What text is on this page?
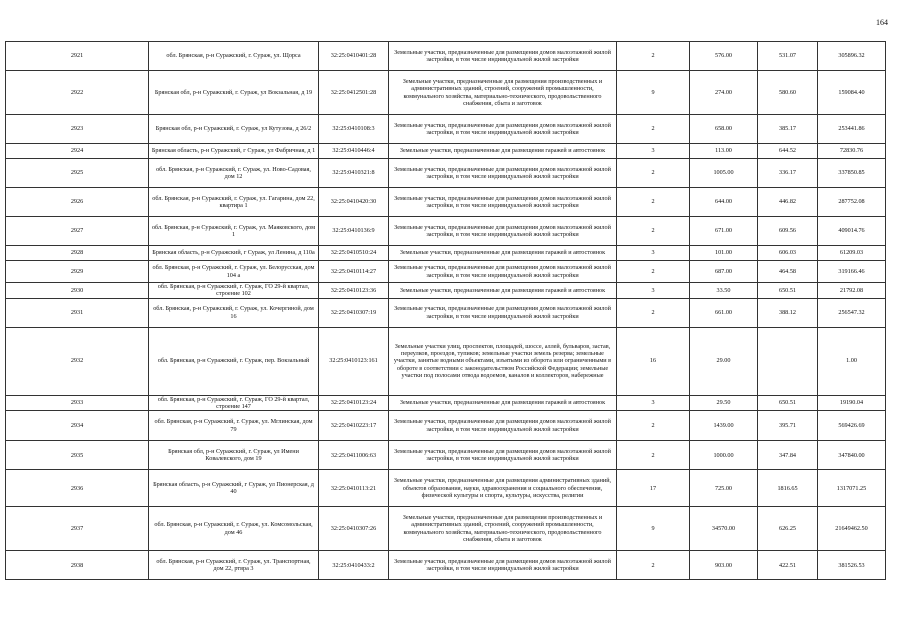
164
2921	обл. Брянская, р-н Суражский, г. Сураж, ул. Щорса	32:25:0410401:28	Земельные участки, предназначенные для размещения домов малоэтажной жилой застройки, в том числе индивидуальной жилой застройки	2	576.00	531.07	305896.32
2922	Брянская обл, р-н Суражский, г. Сураж, ул Вокзальная, д 19	32:25:0412501:28	Земельные участки, предназначенные для размещения производственных и административных зданий, строений, сооружений промышленности, коммунального хозяйства, материально-технического, продовольственного снабжения, сбыта и заготовок	9	274.00	580.60	159084.40
2923	Брянская обл, р-н Суражский, г. Сураж, ул Кутузова, д 26/2	32:25:0410108:3	Земельные участки, предназначенные для размещения домов малоэтажной жилой застройки, в том числе индивидуальной жилой застройки	2	658.00	385.17	253441.86
2924	Брянская область, р-н Суражский, г Сураж, ул Фабричная, д 1	32:25:0410446:4	Земельные участки, предназначенные для размещения гаражей и автостоянок	3	113.00	644.52	72830.76
2925	обл. Брянская, р-н Суражский, г. Сураж, ул. Ново-Садовая, дом 12	32:25:0410321:8	Земельные участки, предназначенные для размещения домов малоэтажной жилой застройки, в том числе индивидуальной жилой застройки	2	1005.00	336.17	337850.85
2926	обл. Брянская, р-н Суражский, г. Сураж, ул. Гагарина, дом 22, квартира 1	32:25:0410420:30	Земельные участки, предназначенные для размещения домов малоэтажной жилой застройки, в том числе индивидуальной жилой застройки	2	644.00	446.82	287752.08
2927	обл. Брянская, р-н Суражский, г. Сураж, ул. Маяковского, дом 1	32:25:0410136:9	Земельные участки, предназначенные для размещения домов малоэтажной жилой застройки, в том числе индивидуальной жилой застройки	2	671.00	609.56	409014.76
2928	Брянская область, р-н Суражский, г Сураж, ул Ленина, д 110а	32:25:0410510:24	Земельные участки, предназначенные для размещения гаражей и автостоянок	3	101.00	606.03	61209.03
2929	обл. Брянская, р-н Суражский, г. Сураж, ул. Белорусская, дом 104 а	32:25:0410114:27	Земельные участки, предназначенные для размещения домов малоэтажной жилой застройки, в том числе индивидуальной жилой застройки	2	687.00	464.58	319166.46
2930	обл. Брянская, р-н Суражский, г. Сураж, ГО 29-й квартал, строение 102	32:25:0410123:36	Земельные участки, предназначенные для размещения гаражей и автостоянок	3	33.50	650.51	21792.08
2931	обл. Брянская, р-н Суражский, г. Сураж, ул. Кочергиной, дом 16	32:25:0410307:19	Земельные участки, предназначенные для размещения домов малоэтажной жилой застройки, в том числе индивидуальной жилой застройки	2	661.00	388.12	256547.32
2932	обл. Брянская, р-н Суражский, г. Сураж, пер. Вокзальный	32:25:0410123:161	Земельные участки улиц, проспектов, площадей, шоссе, аллей, бульваров, застав, переулков, проездов, тупиков; земельные участки земель резерва; земельные участки, занятые водными объектами, изъятыми из оборота или ограниченными в обороте в соответствии с законодательством Российской Федерации; земельные участки под полосами отвода водоемов, каналов и коллекторов, набережные	16	29.00		1.00
2933	обл. Брянская, р-н Суражский, г. Сураж, ГО 29-й квартал, строение 147	32:25:0410123:24	Земельные участки, предназначенные для размещения гаражей и автостоянок	3	29.50	650.51	19190.04
2934	обл. Брянская, р-н Суражский, г. Сураж, ул. Мглинская, дом 79	32:25:0410223:17	Земельные участки, предназначенные для размещения домов малоэтажной жилой застройки, в том числе индивидуальной жилой застройки	2	1439.00	395.71	569426.69
2935	Брянская обл, р-н Суражский, г. Сураж, ул Имени Ковалевского, дом 19	32:25:0411006:63	Земельные участки, предназначенные для размещения домов малоэтажной жилой застройки, в том числе индивидуальной жилой застройки	2	1000.00	347.84	347840.00
2936	Брянская область, р-н Суражский, г Сураж, ул Пионерская, д 40	32:25:0410113:21	Земельные участки, предназначенные для размещения административных зданий, объектов образования, науки, здравоохранения и социального обеспечения, физической культуры и спорта, культуры, искусства, религии	17	725.00	1816.65	1317071.25
2937	обл. Брянская, р-н Суражский, г. Сураж, ул. Комсомольская, дом 46	32:25:0410307:26	Земельные участки, предназначенные для размещения производственных и административных зданий, строений, сооружений промышленности, коммунального хозяйства, материально-технического, продовольственного снабжения, сбыта и заготовок	9	34570.00	626.25	21649462.50
2938	обл. Брянская, р-н Суражский, г. Сураж, ул. Транспортная, дом 22, ртвра 3	32:25:0410433:2	Земельные участки, предназначенные для размещения домов малоэтажной жилой застройки, в том числе индивидуальной жилой застройки	2	903.00	422.51	381526.53
